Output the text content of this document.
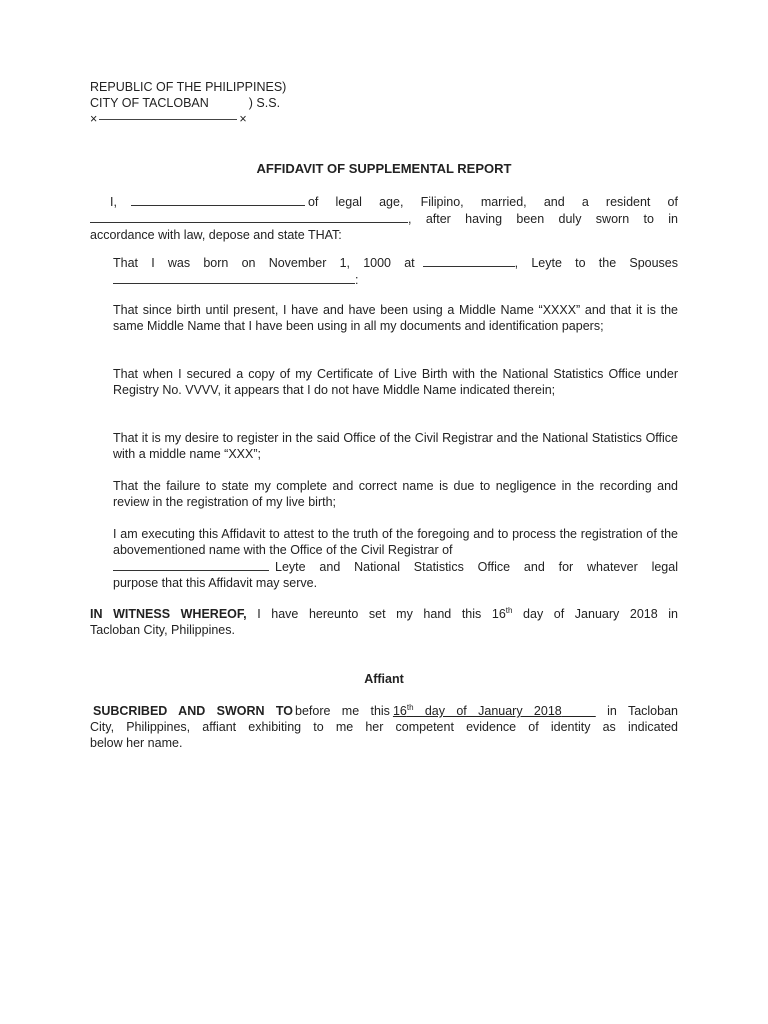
REPUBLIC OF THE PHILIPPINES)
CITY OF TACLOBAN	) S.S.
×	×
AFFIDAVIT OF SUPPLEMENTAL REPORT
I,	of legal age, Filipino, married, and a resident of
, after having been duly sworn to in
accordance with law, depose and state THAT:
That I was born on November 1, 1000 at	, Leyte to the Spouses
:
That since birth until present, I have and have been using a Middle Name “XXXX” and that it is the same Middle Name that I have been using in all my documents and identification papers;
That when I secured a copy of my Certificate of Live Birth with the National Statistics Office under Registry No. VVVV, it appears that I do not have Middle Name indicated therein;
That it is my desire to register in the said Office of the Civil Registrar and the National Statistics Office with a middle name “XXX”;
That the failure to state my complete and correct name is due to negligence in the recording and review in the registration of my live birth;
I am executing this Affidavit to attest to the truth of the foregoing and to process the registration of the abovementioned name with the Office of the Civil Registrar of
Leyte and National Statistics Office and for whatever legal
purpose that this Affidavit may serve.
IN WITNESS WHEREOF, I have hereunto set my hand this 16th day of January 2018 in
Tacloban City, Philippines.
Affiant
SUBCRIBED AND SWORN TO before me this 16th day of January 2018	in Tacloban
City, Philippines, affiant exhibiting to me her competent evidence of identity as indicated
below her name.
